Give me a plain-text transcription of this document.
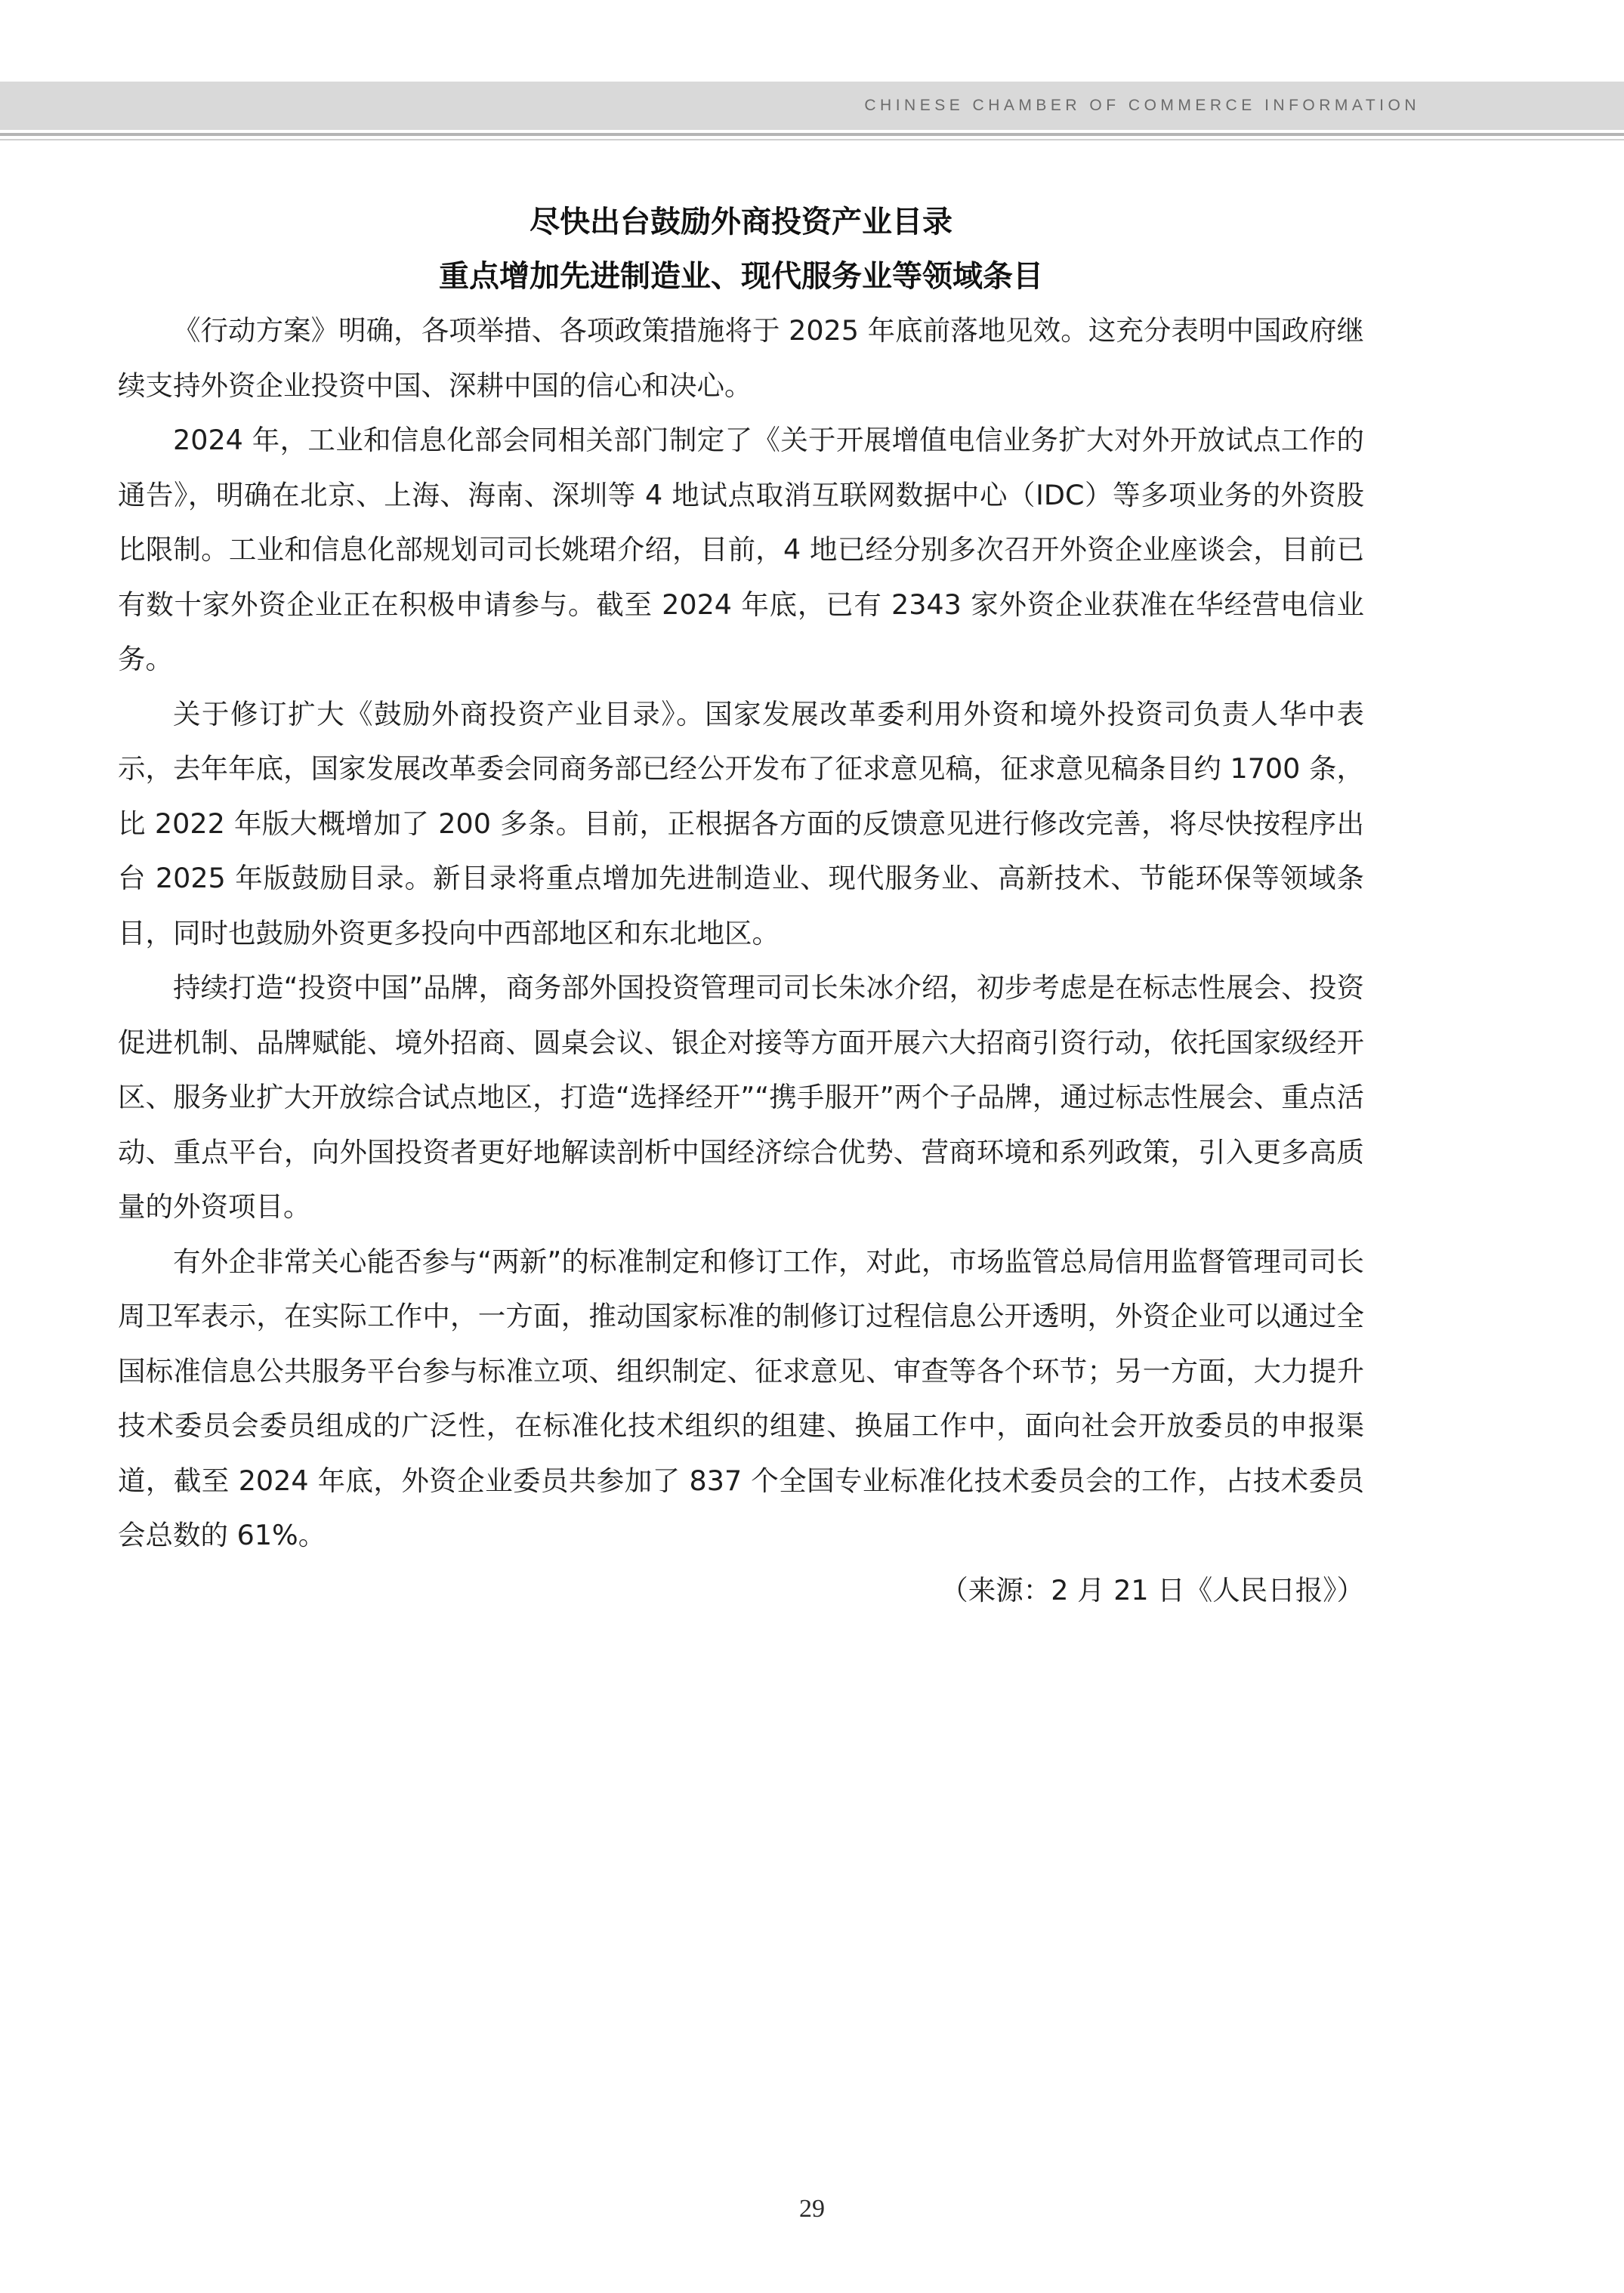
CHINESE CHAMBER OF COMMERCE INFORMATION
尽快出台鼓励外商投资产业目录
重点增加先进制造业、现代服务业等领域条目

《行动方案》明确，各项举措、各项政策措施将于 2025 年底前落地见效。这充分表明中国政府继续支持外资企业投资中国、深耕中国的信心和决心。

2024 年，工业和信息化部会同相关部门制定了《关于开展增值电信业务扩大对外开放试点工作的通告》，明确在北京、上海、海南、深圳等 4 地试点取消互联网数据中心（IDC）等多项业务的外资股比限制。工业和信息化部规划司司长姚珺介绍，目前，4 地已经分别多次召开外资企业座谈会，目前已有数十家外资企业正在积极申请参与。截至 2024 年底，已有 2343 家外资企业获准在华经营电信业务。

关于修订扩大《鼓励外商投资产业目录》。国家发展改革委利用外资和境外投资司负责人华中表示，去年年底，国家发展改革委会同商务部已经公开发布了征求意见稿，征求意见稿条目约 1700 条，比 2022 年版大概增加了 200 多条。目前，正根据各方面的反馈意见进行修改完善，将尽快按程序出台 2025 年版鼓励目录。新目录将重点增加先进制造业、现代服务业、高新技术、节能环保等领域条目，同时也鼓励外资更多投向中西部地区和东北地区。

持续打造“投资中国”品牌，商务部外国投资管理司司长朱冰介绍，初步考虑是在标志性展会、投资促进机制、品牌赋能、境外招商、圆桌会议、银企对接等方面开展六大招商引资行动，依托国家级经开区、服务业扩大开放综合试点地区，打造“选择经开”“携手服开”两个子品牌，通过标志性展会、重点活动、重点平台，向外国投资者更好地解读剖析中国经济综合优势、营商环境和系列政策，引入更多高质量的外资项目。

有外企非常关心能否参与“两新”的标准制定和修订工作，对此，市场监管总局信用监督管理司司长周卫军表示，在实际工作中，一方面，推动国家标准的制修订过程信息公开透明，外资企业可以通过全国标准信息公共服务平台参与标准立项、组织制定、征求意见、审查等各个环节；另一方面，大力提升技术委员会委员组成的广泛性，在标准化技术组织的组建、换届工作中，面向社会开放委员的申报渠道，截至 2024 年底，外资企业委员共参加了 837 个全国专业标准化技术委员会的工作，占技术委员会总数的 61%。

（来源：2 月 21 日《人民日报》）

29
